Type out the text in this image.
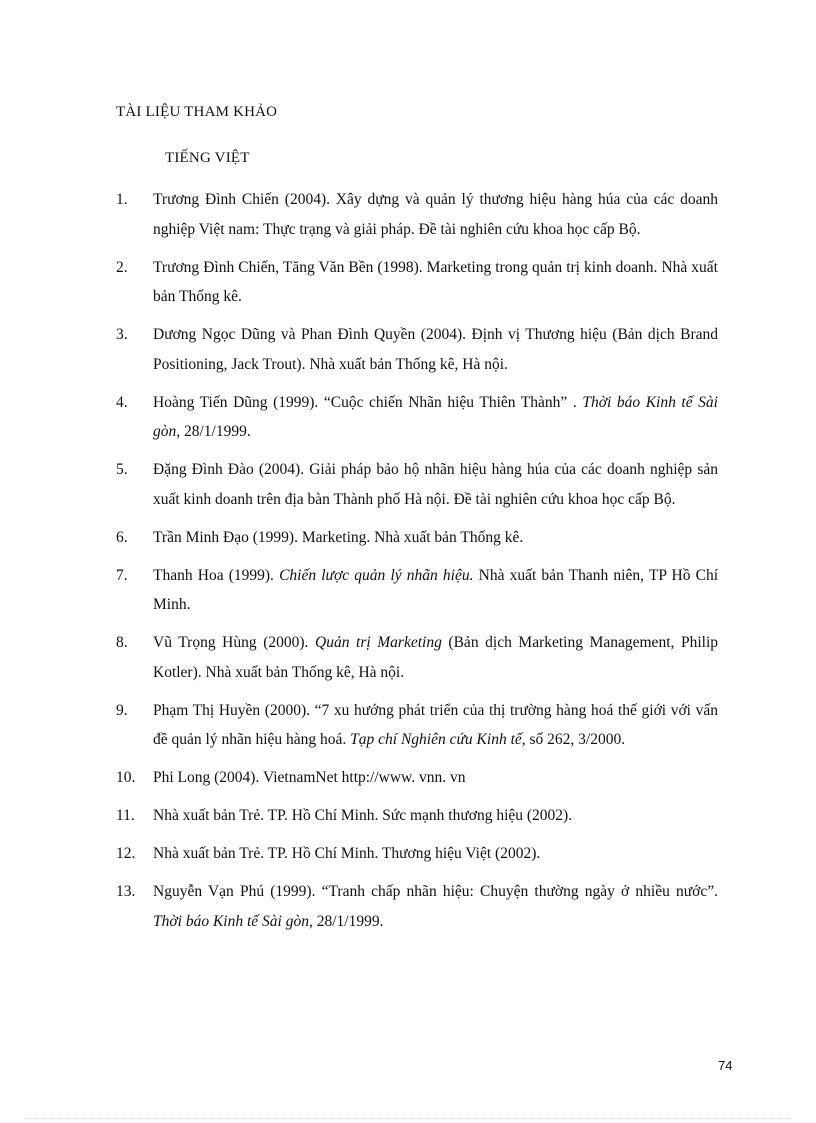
TÀI LIỆU THAM KHẢO
TIẾNG VIỆT
1. Trương Đình Chiến (2004). Xây dựng và quản lý thương hiệu hàng húa của các doanh nghiệp Việt nam: Thực trạng và giải pháp. Đề tài nghiên cứu khoa học cấp Bộ.
2. Trương Đình Chiến, Tăng Văn Bền (1998). Marketing trong quản trị kinh doanh. Nhà xuất bản Thống kê.
3. Dương Ngọc Dũng và Phan Đình Quyền (2004). Định vị Thương hiệu (Bản dịch Brand Positioning, Jack Trout). Nhà xuất bản Thống kê, Hà nội.
4. Hoàng Tiến Dũng (1999). “Cuộc chiến Nhãn hiệu Thiên Thành” . Thời báo Kinh tế Sài gòn, 28/1/1999.
5. Đặng Đình Đào (2004). Giải pháp bảo hộ nhãn hiệu hàng húa của các doanh nghiệp sản xuất kinh doanh trên địa bàn Thành phố Hà nội. Đề tài nghiên cứu khoa học cấp Bộ.
6. Trần Minh Đạo (1999). Marketing. Nhà xuất bản Thống kê.
7. Thanh Hoa (1999). Chiến lược quản lý nhãn hiệu. Nhà xuất bản Thanh niên, TP Hồ Chí Minh.
8. Vũ Trọng Hùng (2000). Quản trị Marketing (Bản dịch Marketing Management, Philip Kotler). Nhà xuất bản Thống kê, Hà nội.
9. Phạm Thị Huyền (2000). “7 xu hướng phát triển của thị trường hàng hoá thế giới với vấn đề quản lý nhãn hiệu hàng hoá. Tạp chí Nghiên cứu Kinh tế, số 262, 3/2000.
10. Phi Long (2004). VietnamNet http://www. vnn. vn
11. Nhà xuất bản Trẻ. TP. Hồ Chí Minh. Sức mạnh thương hiệu (2002).
12. Nhà xuất bản Trẻ. TP. Hồ Chí Minh. Thương hiệu Việt (2002).
13. Nguyễn Vạn Phú (1999). “Tranh chấp nhãn hiệu: Chuyện thường ngày ở nhiều nước”. Thời báo Kinh tế Sài gòn, 28/1/1999.
74
